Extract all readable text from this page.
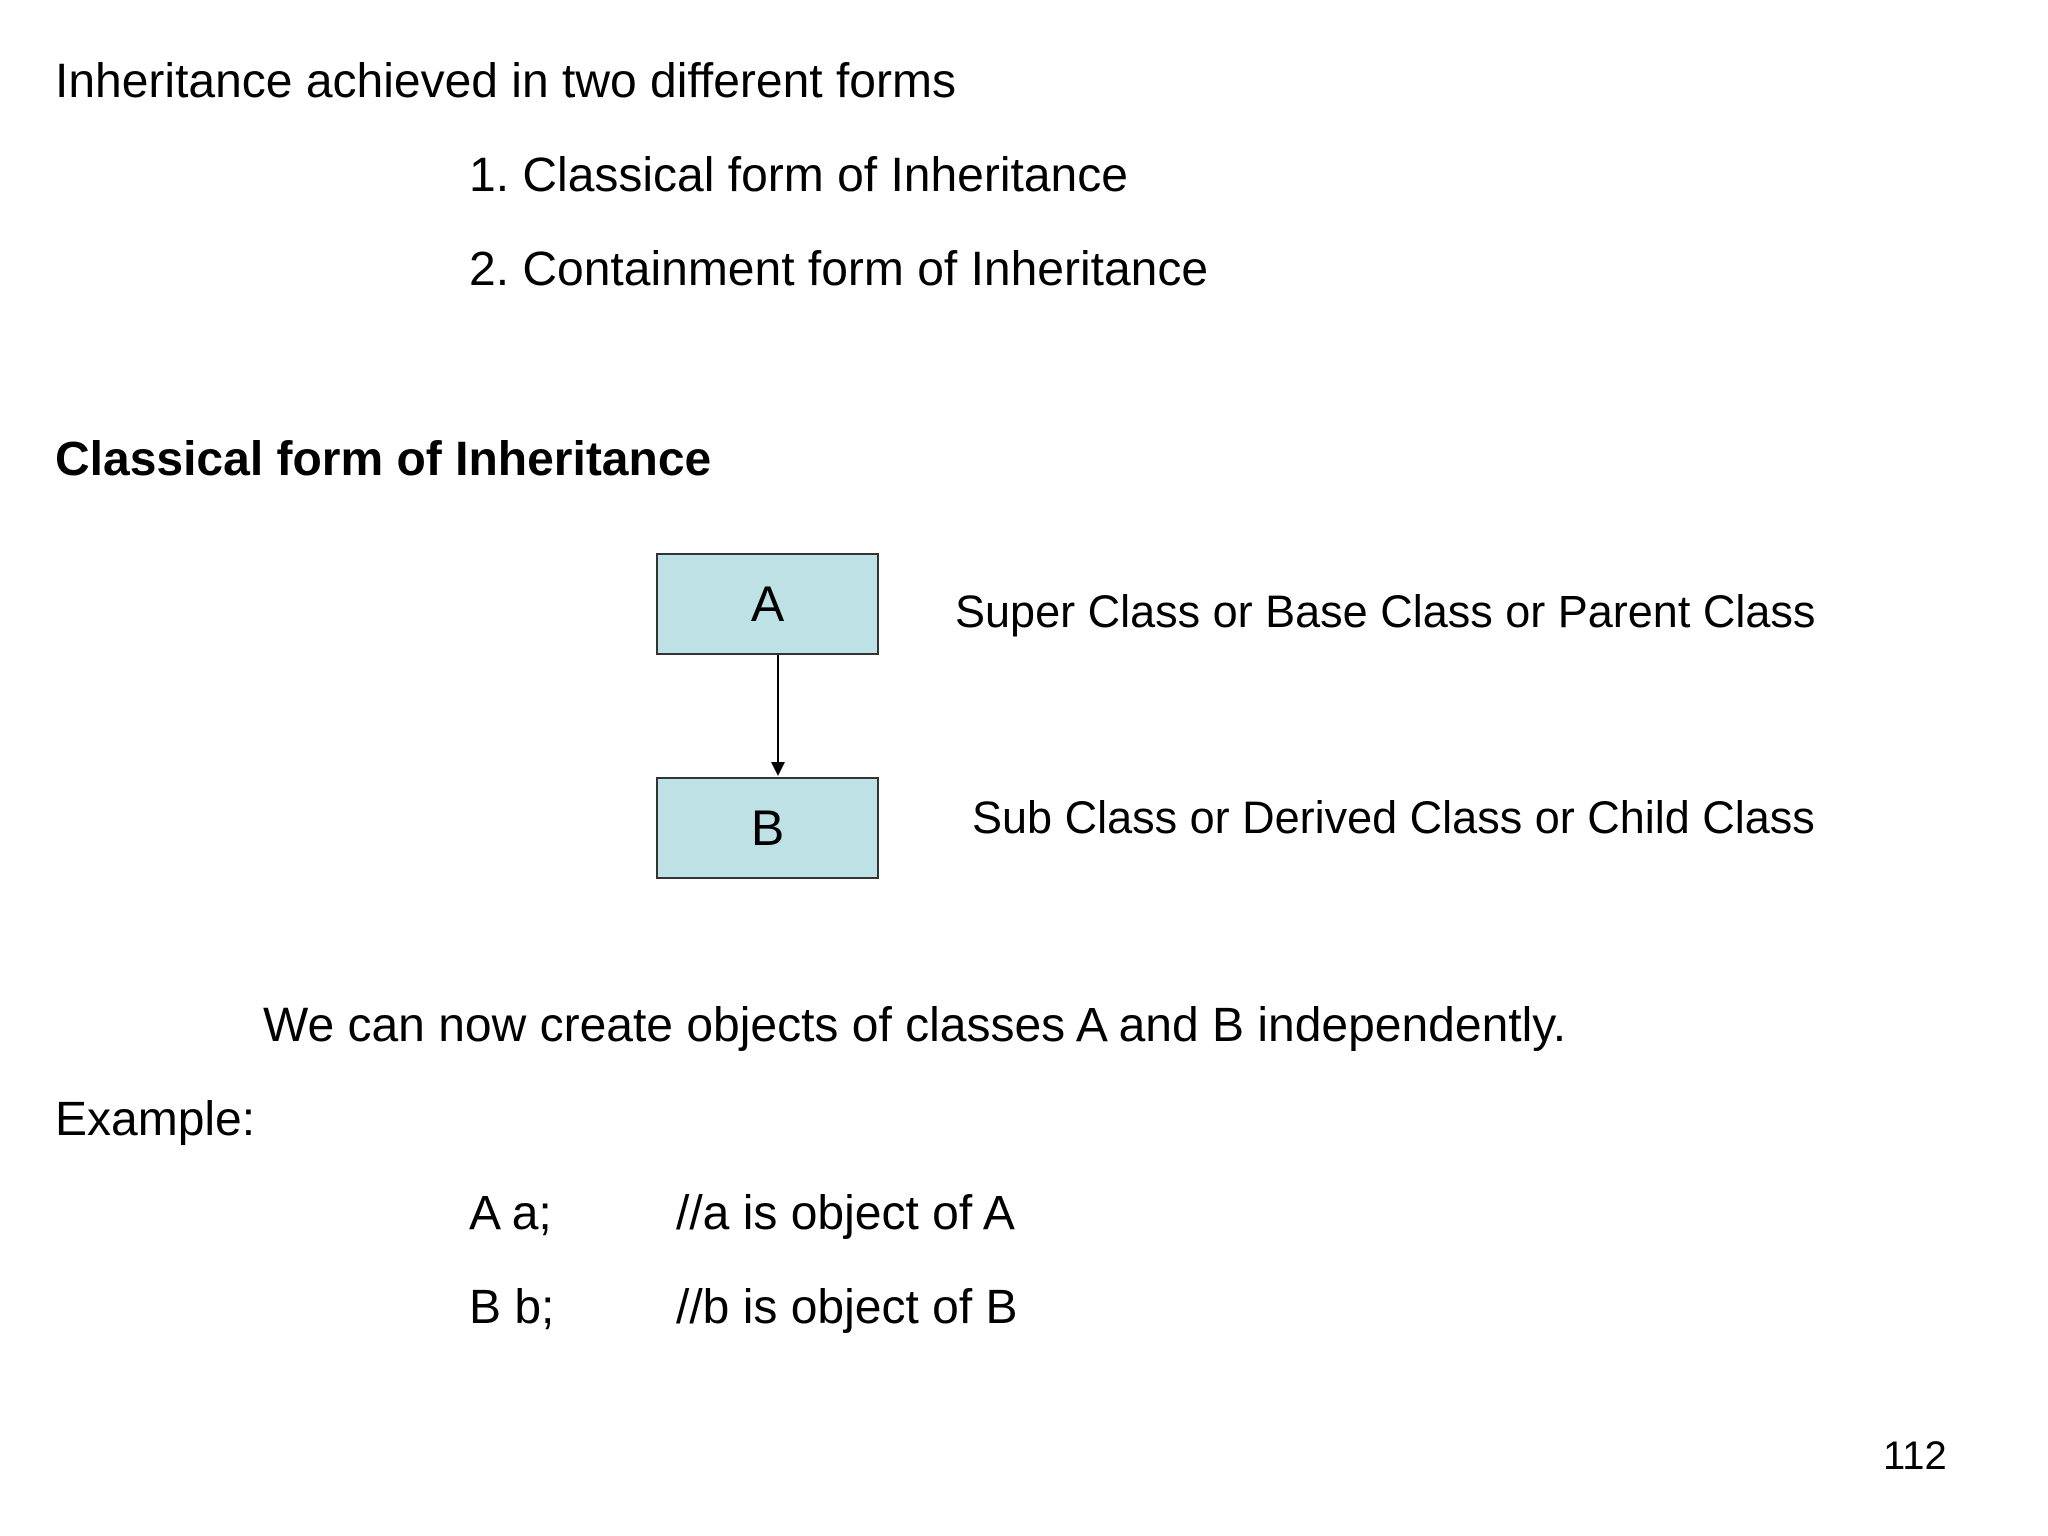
Inheritance achieved in two different forms

1. Classical form of Inheritance

2. Containment form of Inheritance

Classical form of Inheritance

A
B

Super Class or Base Class or Parent Class

Sub Class or Derived Class or Child Class

We can now create objects of classes A and B independently.

Example:

A a;	//a is object of A

B b;	//b is object of B

112
